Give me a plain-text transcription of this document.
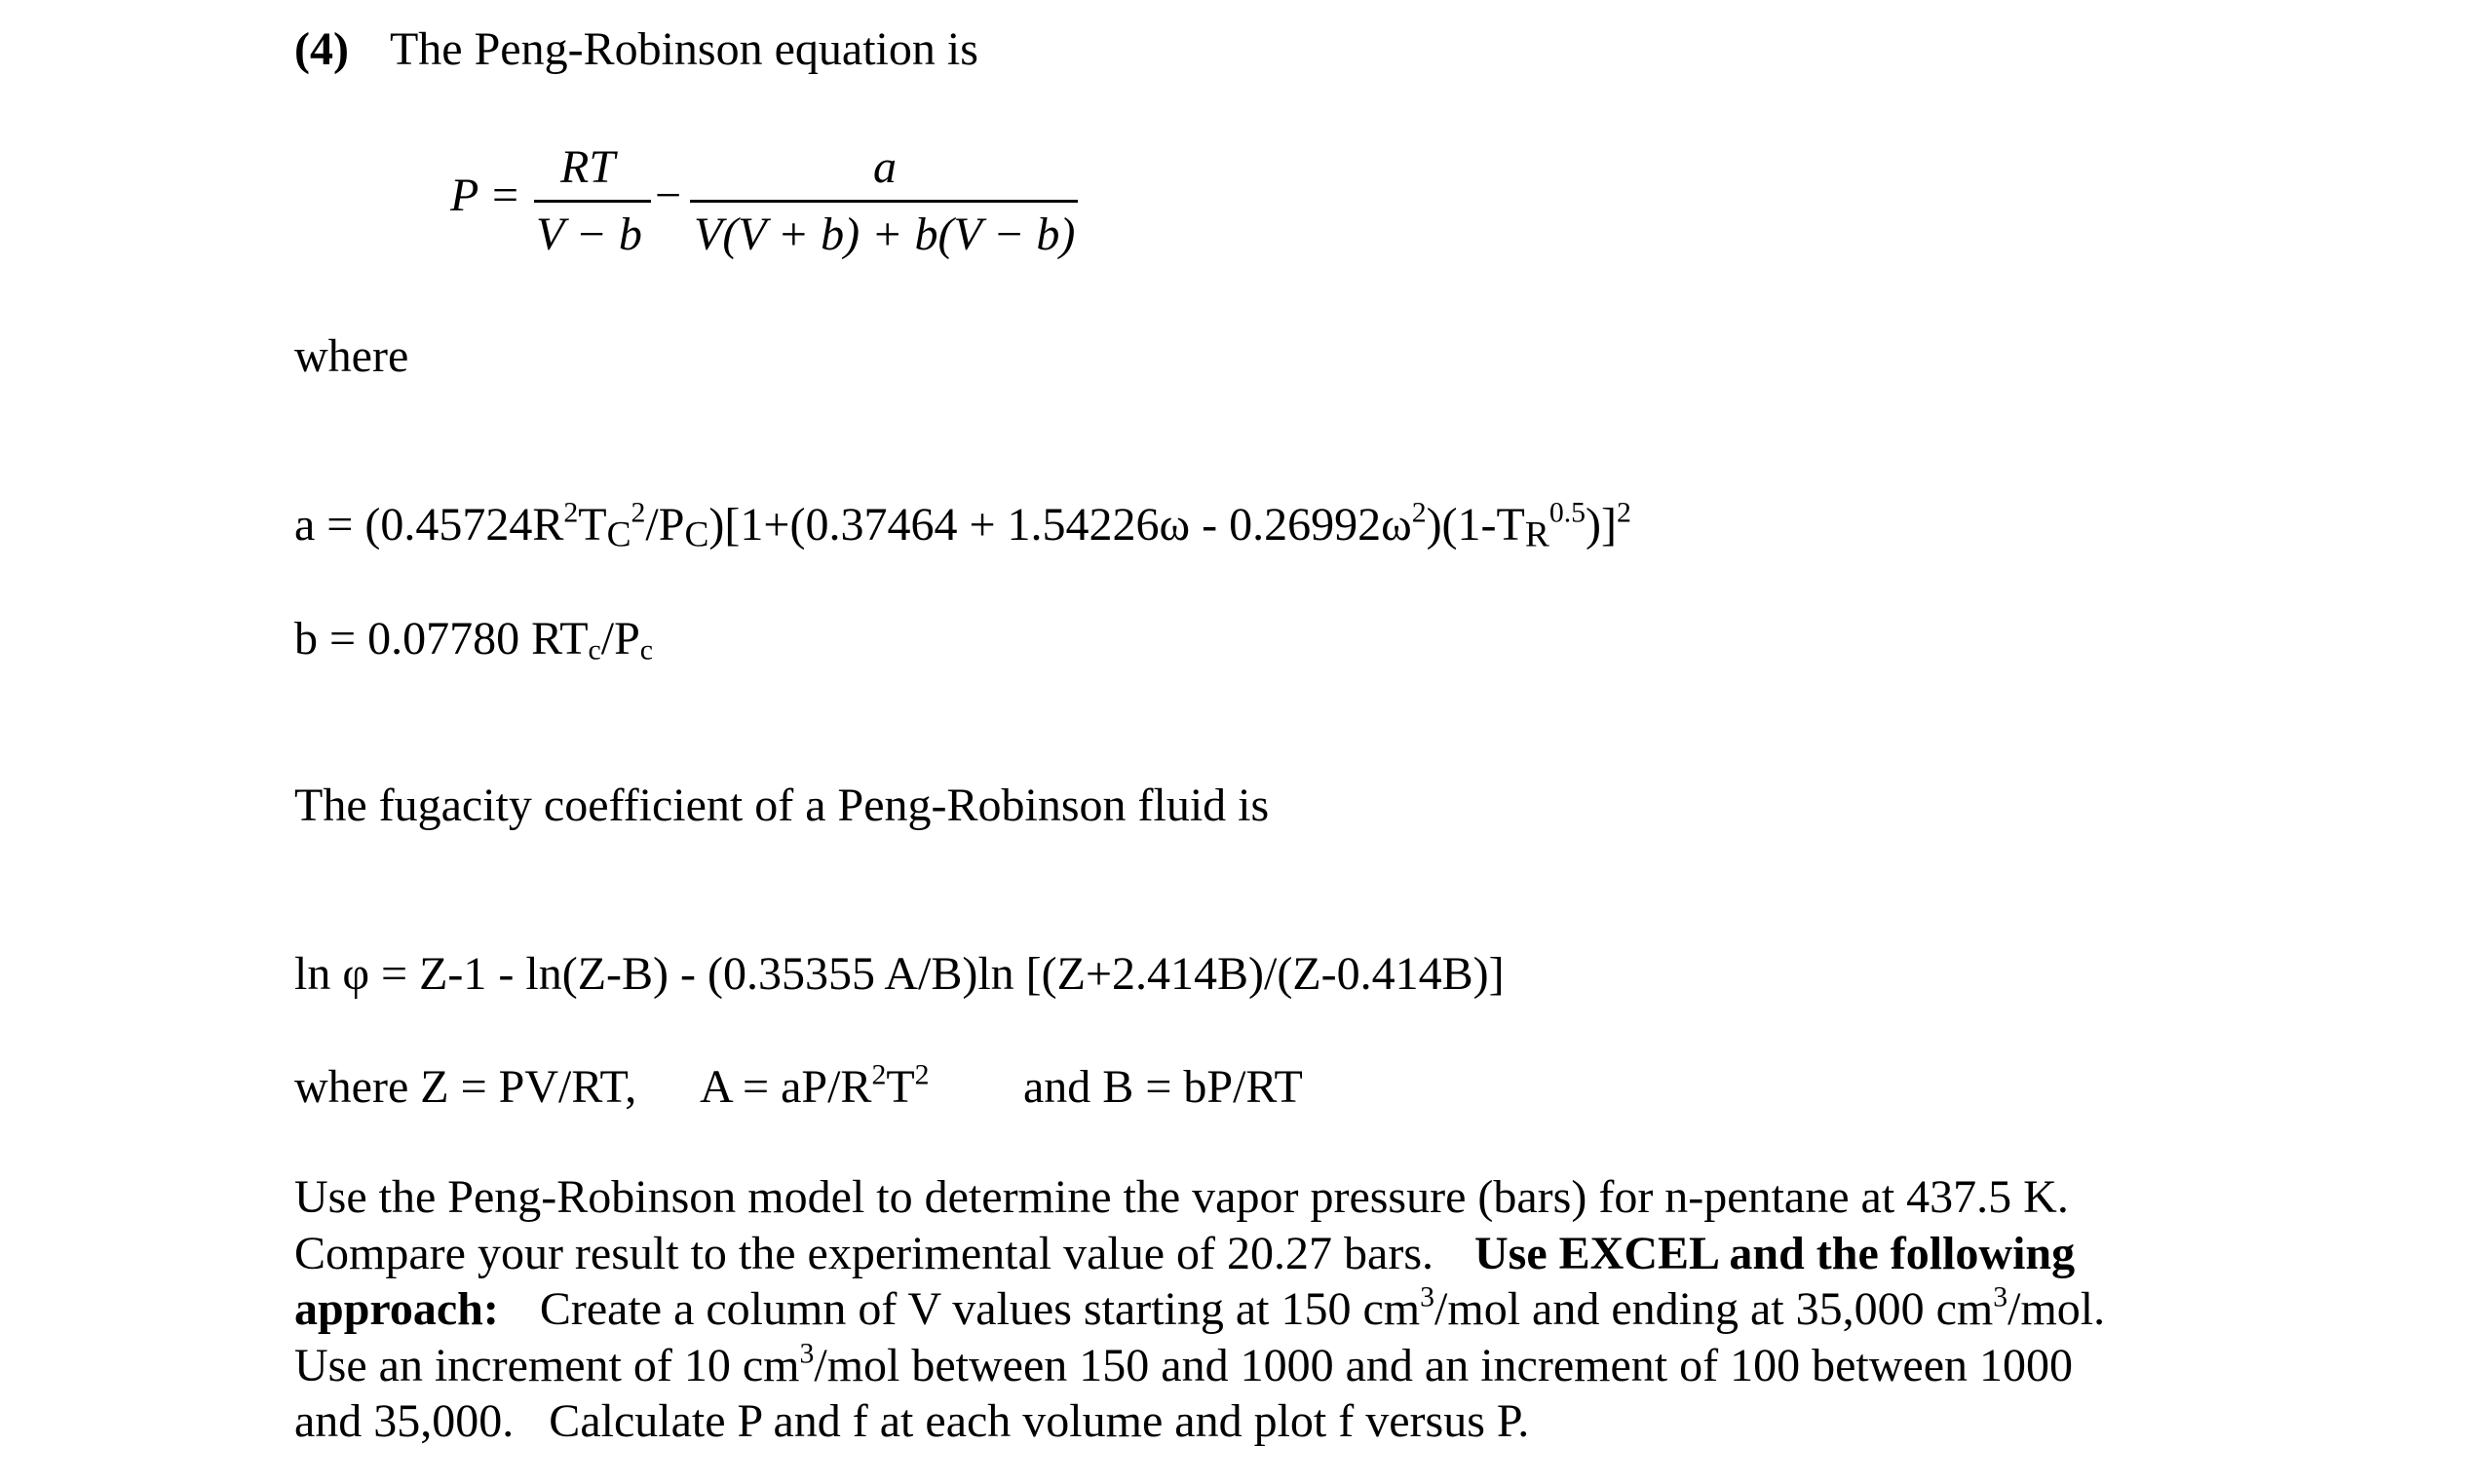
(4) The Peng-Robinson equation is
P =
RT
V − b
−
a
V(V + b) + b(V − b)
where
$a = (0.45724R^2T_C^2/P_C)[1+(0.37464 + 1.54226\omega - 0.26992\omega^2)(1-T_R^{0.5})]^2$
b = 0.07780 $RT_c/P_c$
The fugacity coefficient of a Peng-Robinson fluid is
ln φ = Z-1 - ln(Z-B) - (0.35355 A/B)ln [(Z+2.414B)/(Z-0.414B)]
where Z = PV/RT, $A = aP/R^2T^2$ and B = bP/RT

Use the Peng-Robinson model to determine the vapor pressure (bars) for n-pentane at 437.5 K.

Compare your result to the experimental value of 20.27 bars. Use EXCEL and the following

approach: Create a column of V values starting at 150 $cm^3$/mol and ending at 35,000 $cm^3$/mol.

Use an increment of 10 $cm^3$/mol between 150 and 1000 and an increment of 100 between 1000

and 35,000.   Calculate P and f at each volume and plot f versus P.
